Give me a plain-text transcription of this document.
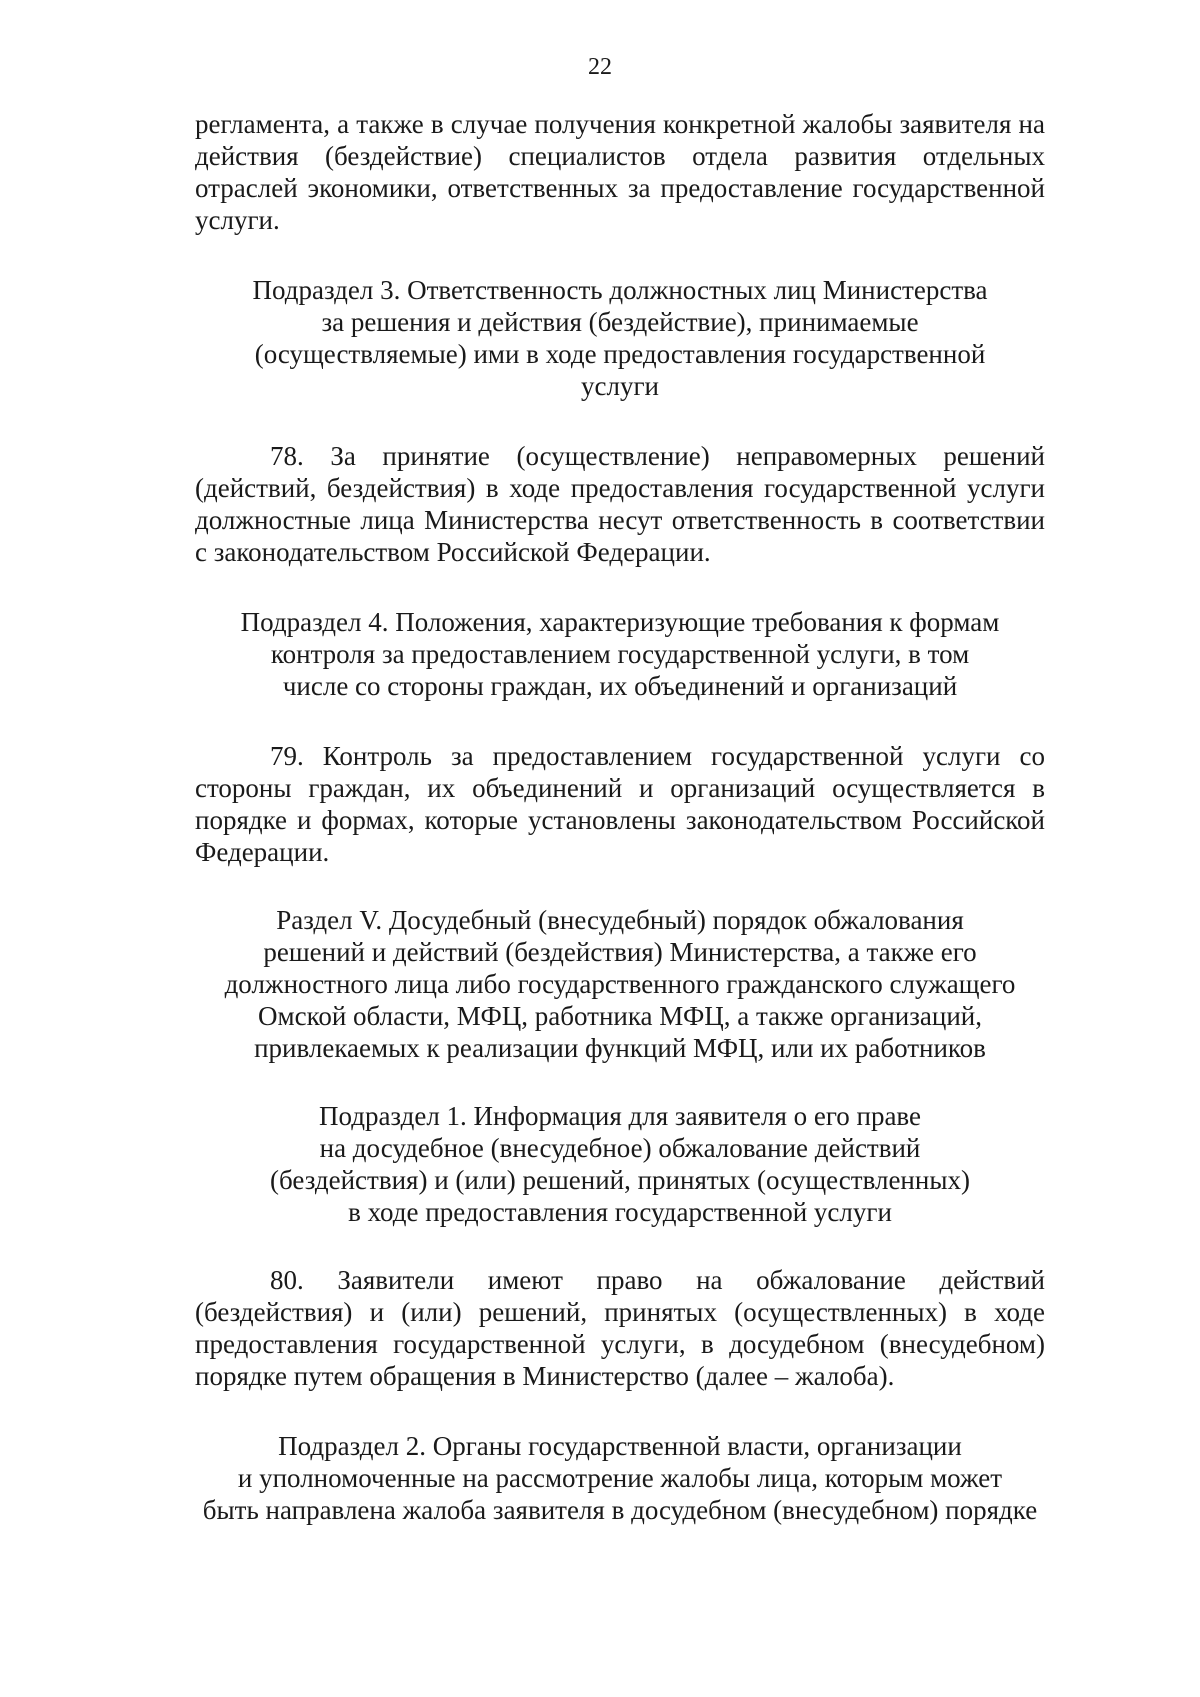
22

регламента, а также в случае получения конкретной жалобы заявителя на действия (бездействие) специалистов отдела развития отдельных отраслей экономики, ответственных за предоставление государственной услуги.

Подраздел 3. Ответственность должностных лиц Министерства
за решения и действия (бездействие), принимаемые
(осуществляемые) ими в ходе предоставления государственной
услуги

78. За принятие (осуществление) неправомерных решений (действий, бездействия) в ходе предоставления государственной услуги должностные лица Министерства несут ответственность в соответствии с законодательством Российской Федерации.

Подраздел 4. Положения, характеризующие требования к формам
контроля за предоставлением государственной услуги, в том
числе со стороны граждан, их объединений и организаций

79. Контроль за предоставлением государственной услуги со стороны граждан, их объединений и организаций осуществляется в порядке и формах, которые установлены законодательством Российской Федерации.

Раздел V. Досудебный (внесудебный) порядок обжалования
решений и действий (бездействия) Министерства, а также его
должностного лица либо государственного гражданского служащего
Омской области, МФЦ, работника МФЦ, а также организаций,
привлекаемых к реализации функций МФЦ, или их работников
Подраздел 1. Информация для заявителя о его праве
на досудебное (внесудебное) обжалование действий
(бездействия) и (или) решений, принятых (осуществленных)
в ходе предоставления государственной услуги

80. Заявители имеют право на обжалование действий (бездействия) и (или) решений, принятых (осуществленных) в ходе предоставления государственной услуги, в досудебном (внесудебном) порядке путем обращения в Министерство (далее – жалоба).

Подраздел 2. Органы государственной власти, организации
и уполномоченные на рассмотрение жалобы лица, которым может
быть направлена жалоба заявителя в досудебном (внесудебном) порядке
